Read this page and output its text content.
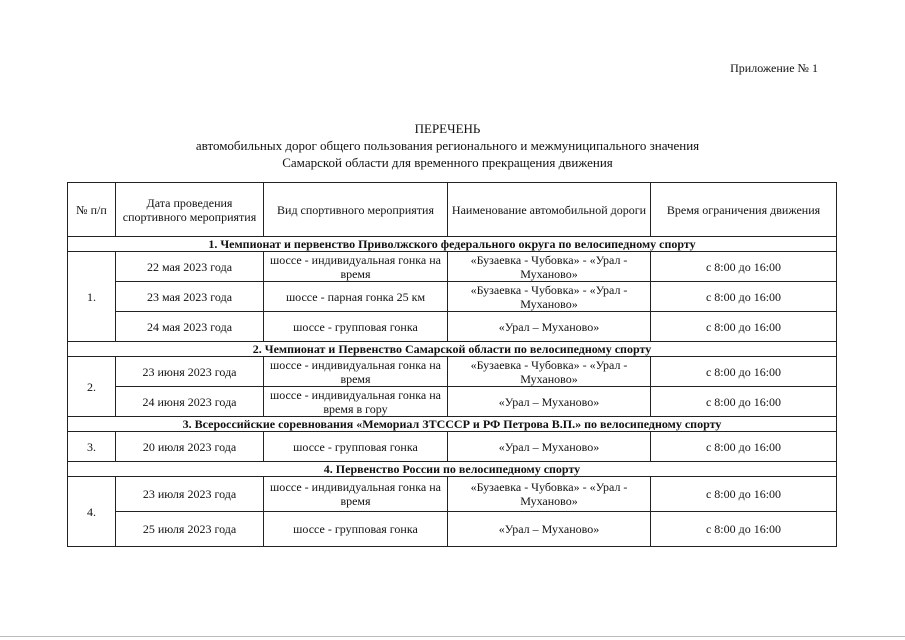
Приложение № 1
ПЕРЕЧЕНЬ
автомобильных дорог общего пользования регионального и межмуниципального значения
Самарской области для временного прекращения движения
№ п/п	Дата проведения спортивного мероприятия	Вид спортивного мероприятия	Наименование автомобильной дороги	Время ограничения движения
1. Чемпионат и первенство Приволжского федерального округа по велосипедному спорту				
1.	22 мая 2023 года	шоссе - индивидуальная гонка на время	«Бузаевка - Чубовка» - «Урал - Муханово»	с 8:00 до 16:00
	23 мая 2023 года	шоссе - парная гонка 25 км	«Бузаевка - Чубовка» - «Урал - Муханово»	с 8:00 до 16:00
	24 мая 2023 года	шоссе - групповая гонка	«Урал – Муханово»	с 8:00 до 16:00
2. Чемпионат и Первенство Самарской области по велосипедному спорту				
2.	23 июня 2023 года	шоссе - индивидуальная гонка на время	«Бузаевка - Чубовка» - «Урал - Муханово»	с 8:00 до 16:00
	24 июня 2023 года	шоссе - индивидуальная гонка на время в гору	«Урал – Муханово»	с 8:00 до 16:00
3. Всероссийские соревнования «Мемориал ЗТСССР и РФ Петрова В.П.» по велосипедному спорту				
3.	20 июля 2023 года	шоссе - групповая гонка	«Урал – Муханово»	с 8:00 до 16:00
4. Первенство России по велосипедному спорту				
4.	23 июля 2023 года	шоссе - индивидуальная гонка на время	«Бузаевка - Чубовка» - «Урал - Муханово»	с 8:00 до 16:00
	25 июля 2023 года	шоссе - групповая гонка	«Урал – Муханово»	с 8:00 до 16:00
